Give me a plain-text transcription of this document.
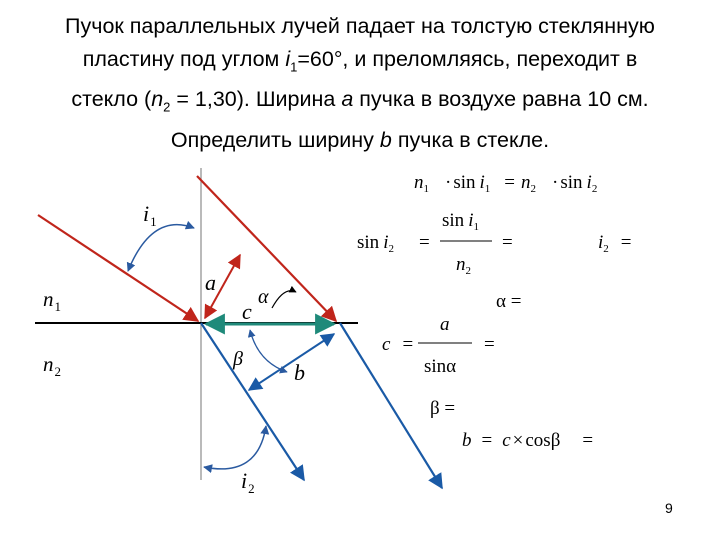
Пучок параллельных лучей падает на толстую стеклянную
пластину под углом $i_1=60^\circ$, и преломляясь, переходит в
стекло $(n_2 = 1,30)$. Ширина a пучка в воздухе равна 10 см.
Определить ширину b пучка в стекле.
$i_1$
a
$n_1$
$n_2$
α
c
β
b
$i_2$
$n_1 \cdot \sin i_1 = n_2 \cdot \sin i_2$
$\sin i_2$ =
$\sin i_1$
$n_2$
=	$i_2$ =
α =
c =
a
sinα
=
β =
b = c × cosβ =
9
